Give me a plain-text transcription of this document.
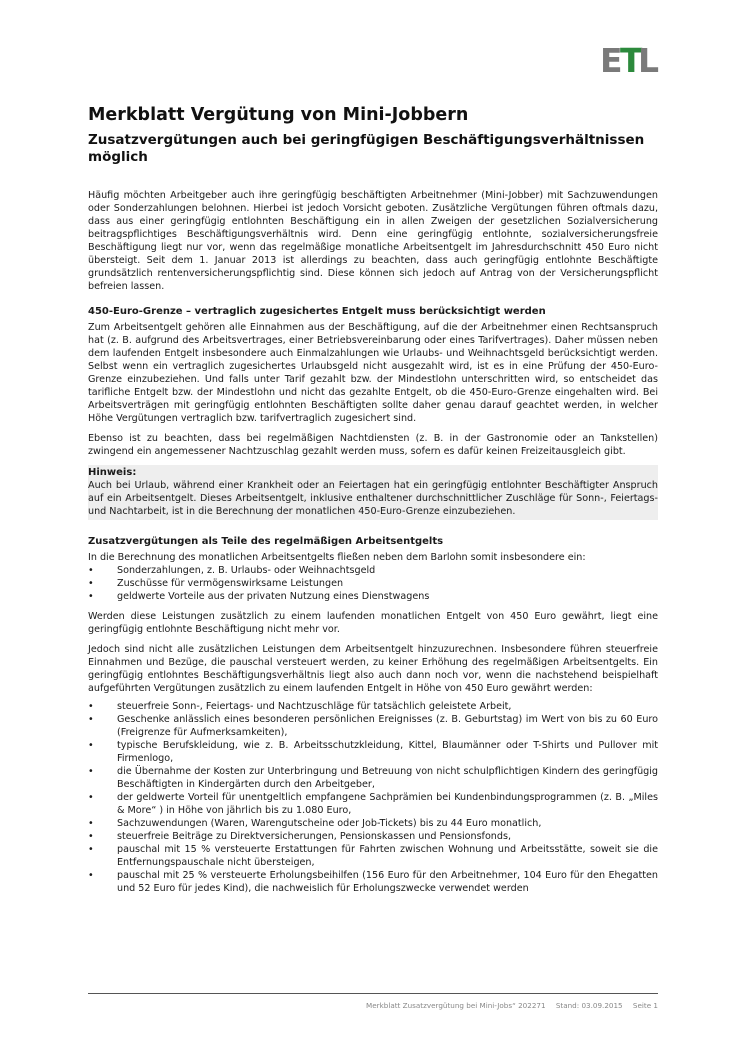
E
T
L
Merkblatt Vergütung von Mini-Jobbern
Zusatzvergütungen auch bei geringfügigen Beschäftigungsverhältnissen möglich

Häufig möchten Arbeitgeber auch ihre geringfügig beschäftigten Arbeitnehmer (Mini-Jobber) mit Sachzuwendungen oder Sonderzahlungen belohnen. Hierbei ist jedoch Vorsicht geboten. Zusätzliche Vergütungen führen oftmals dazu, dass aus einer geringfügig entlohnten Beschäftigung ein in allen Zweigen der gesetzlichen Sozialversicherung beitragspflichtiges Beschäftigungsverhältnis wird. Denn eine geringfügig entlohnte, sozialversicherungsfreie Beschäftigung liegt nur vor, wenn das regelmäßige monatliche Arbeitsentgelt im Jahresdurchschnitt 450 Euro nicht übersteigt. Seit dem 1. Januar 2013 ist allerdings zu beachten, dass auch geringfügig entlohnte Beschäftigte grundsätzlich rentenversicherungspflichtig sind. Diese können sich jedoch auf Antrag von der Versicherungspflicht befreien lassen.

450-Euro-Grenze – vertraglich zugesichertes Entgelt muss berücksichtigt werden

Zum Arbeitsentgelt gehören alle Einnahmen aus der Beschäftigung, auf die der Arbeitnehmer einen Rechtsanspruch hat (z. B. aufgrund des Arbeitsvertrages, einer Betriebsvereinbarung oder eines Tarifvertrages). Daher müssen neben dem laufenden Entgelt insbesondere auch Einmalzahlungen wie Urlaubs- und Weihnachtsgeld berücksichtigt werden. Selbst wenn ein vertraglich zugesichertes Urlaubsgeld nicht ausgezahlt wird, ist es in eine Prüfung der 450-Euro-Grenze einzubeziehen. Und falls unter Tarif gezahlt bzw. der Mindestlohn unterschritten wird, so entscheidet das tarifliche Entgelt bzw. der Mindestlohn und nicht das gezahlte Entgelt, ob die 450-Euro-Grenze eingehalten wird. Bei Arbeitsverträgen mit geringfügig entlohnten Beschäftigten sollte daher genau darauf geachtet werden, in welcher Höhe Vergütungen vertraglich bzw. tarifvertraglich zugesichert sind.

Ebenso ist zu beachten, dass bei regelmäßigen Nachtdiensten (z. B. in der Gastronomie oder an Tankstellen) zwingend ein angemessener Nachtzuschlag gezahlt werden muss, sofern es dafür keinen Freizeitausgleich gibt.

Hinweis:

Auch bei Urlaub, während einer Krankheit oder an Feiertagen hat ein geringfügig entlohnter Beschäftigter Anspruch auf ein Arbeitsentgelt. Dieses Arbeitsentgelt, inklusive enthaltener durchschnittlicher Zuschläge für Sonn-, Feiertags- und Nachtarbeit, ist in die Berechnung der monatlichen 450-Euro-Grenze einzubeziehen.

Zusatzvergütungen als Teile des regelmäßigen Arbeitsentgelts

In die Berechnung des monatlichen Arbeitsentgelts fließen neben dem Barlohn somit insbesondere ein:

• Sonderzahlungen, z. B. Urlaubs- oder Weihnachtsgeld
• Zuschüsse für vermögenswirksame Leistungen
• geldwerte Vorteile aus der privaten Nutzung eines Dienstwagens

Werden diese Leistungen zusätzlich zu einem laufenden monatlichen Entgelt von 450 Euro gewährt, liegt eine geringfügig entlohnte Beschäftigung nicht mehr vor.

Jedoch sind nicht alle zusätzlichen Leistungen dem Arbeitsentgelt hinzuzurechnen. Insbesondere führen steuerfreie Einnahmen und Bezüge, die pauschal versteuert werden, zu keiner Erhöhung des regelmäßigen Arbeitsentgelts. Ein geringfügig entlohntes Beschäftigungsverhältnis liegt also auch dann noch vor, wenn die nachstehend beispielhaft aufgeführten Vergütungen zusätzlich zu einem laufenden Entgelt in Höhe von 450 Euro gewährt werden:

• steuerfreie Sonn-, Feiertags- und Nachtzuschläge für tatsächlich geleistete Arbeit,
• Geschenke anlässlich eines besonderen persönlichen Ereignisses (z. B. Geburtstag) im Wert von bis zu 60 Euro (Freigrenze für Aufmerksamkeiten),
• typische Berufskleidung, wie z. B. Arbeitsschutzkleidung, Kittel, Blaumänner oder T-Shirts und Pullover mit Firmenlogo,
• die Übernahme der Kosten zur Unterbringung und Betreuung von nicht schulpflichtigen Kindern des geringfügig Beschäftigten in Kindergärten durch den Arbeitgeber,
• der geldwerte Vorteil für unentgeltlich empfangene Sachprämien bei Kundenbindungsprogrammen (z. B. „Miles & More“ ) in Höhe von jährlich bis zu 1.080 Euro,
• Sachzuwendungen (Waren, Warengutscheine oder Job-Tickets) bis zu 44 Euro monatlich,
• steuerfreie Beiträge zu Direktversicherungen, Pensionskassen und Pensionsfonds,
• pauschal mit 15 % versteuerte Erstattungen für Fahrten zwischen Wohnung und Arbeitsstätte, soweit sie die Entfernungspauschale nicht übersteigen,
• pauschal mit 25 % versteuerte Erholungsbeihilfen (156 Euro für den Arbeitnehmer, 104 Euro für den Ehegatten und 52 Euro für jedes Kind), die nachweislich für Erholungszwecke verwendet werden
Merkblatt Zusatzvergütung bei Mini-Jobs“ 202271 Stand: 03.09.2015 Seite 1
